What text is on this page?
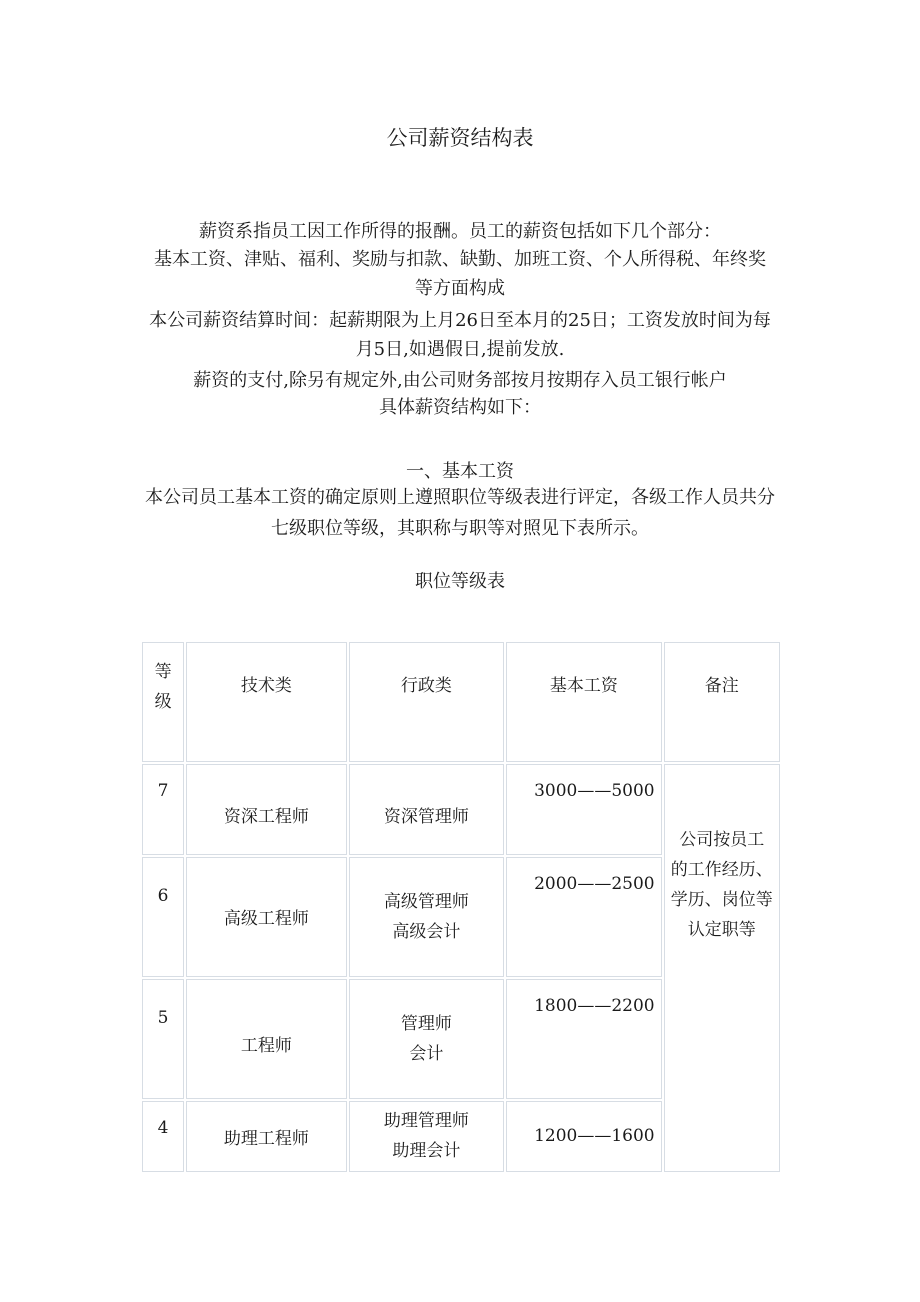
公司薪资结构表
薪资系指员工因工作所得的报酬。员工的薪资包括如下几个部分：
基本工资、津贴、福利、奖励与扣款、缺勤、加班工资、个人所得税、年终奖
等方面构成
本公司薪资结算时间：起薪期限为上月26日至本月的25日；工资发放时间为每
月5日,如遇假日,提前发放.
薪资的支付,除另有规定外,由公司财务部按月按期存入员工银行帐户
具体薪资结构如下：
一、基本工资
本公司员工基本工资的确定原则上遵照职位等级表进行评定，各级工作人员共分
七级职位等级，其职称与职等对照见下表所示。
职位等级表
等
级	技术类	行政类	基本工资	备注

7	资深工程师	资深管理师	3000——5000	公司按员工
的工作经历、
学历、岗位等
认定职等

6	高级工程师	高级管理师
高级会计	2000——2500	

5	工程师	管理师
会计	1800——2200	

4	助理工程师	助理管理师
助理会计	1200——1600	
